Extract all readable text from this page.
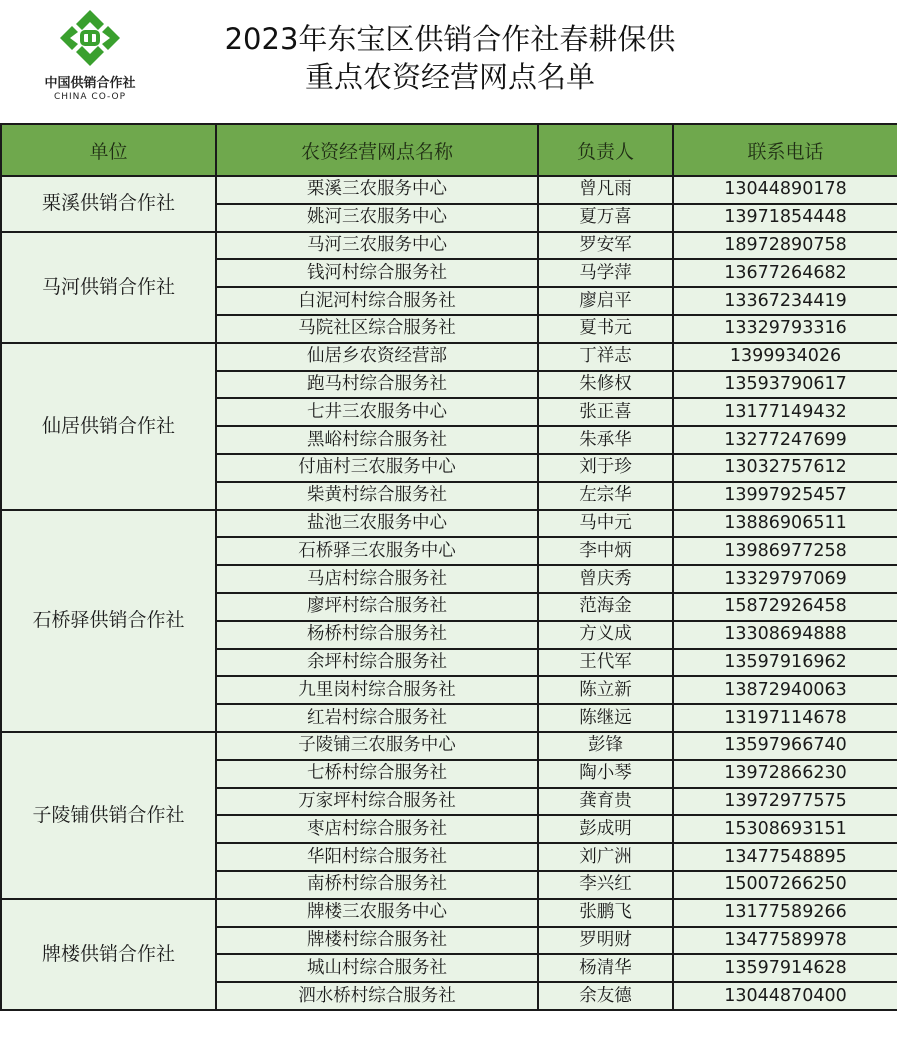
中国供销合作社
CHINA CO-OP
2023年东宝区供销合作社春耕保供
重点农资经营网点名单
单位	农资经营网点名称	负责人	联系电话
栗溪供销合作社	栗溪三农服务中心	曾凡雨	13044890178
	姚河三农服务中心	夏万喜	13971854448
马河供销合作社	马河三农服务中心	罗安军	18972890758
	钱河村综合服务社	马学萍	13677264682
	白泥河村综合服务社	廖启平	13367234419
	马院社区综合服务社	夏书元	13329793316
仙居供销合作社	仙居乡农资经营部	丁祥志	1399934026
	跑马村综合服务社	朱修权	13593790617
	七井三农服务中心	张正喜	13177149432
	黑峪村综合服务社	朱承华	13277247699
	付庙村三农服务中心	刘于珍	13032757612
	柴黄村综合服务社	左宗华	13997925457
石桥驿供销合作社	盐池三农服务中心	马中元	13886906511
	石桥驿三农服务中心	李中炳	13986977258
	马店村综合服务社	曾庆秀	13329797069
	廖坪村综合服务社	范海金	15872926458
	杨桥村综合服务社	方义成	13308694888
	余坪村综合服务社	王代军	13597916962
	九里岗村综合服务社	陈立新	13872940063
	红岩村综合服务社	陈继远	13197114678
子陵铺供销合作社	子陵铺三农服务中心	彭锋	13597966740
	七桥村综合服务社	陶小琴	13972866230
	万家坪村综合服务社	龚育贵	13972977575
	枣店村综合服务社	彭成明	15308693151
	华阳村综合服务社	刘广洲	13477548895
	南桥村综合服务社	李兴红	15007266250
牌楼供销合作社	牌楼三农服务中心	张鹏飞	13177589266
	牌楼村综合服务社	罗明财	13477589978
	城山村综合服务社	杨清华	13597914628
	泗水桥村综合服务社	余友德	13044870400
